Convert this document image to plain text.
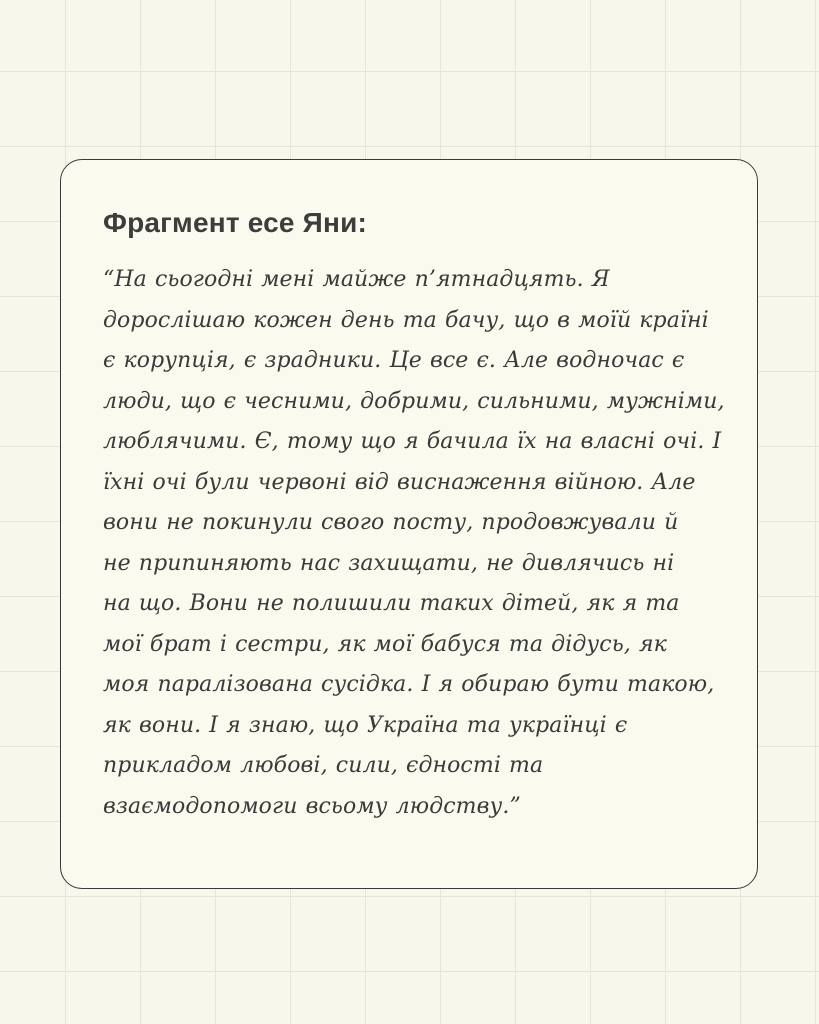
Фрагмент есе Яни:

“На сьогодні мені майже п’ятнадцять. Я
дорослішаю кожен день та бачу, що в моїй країні
є корупція, є зрадники. Це все є. Але водночас є
люди, що є чесними, добрими, сильними, мужніми,
люблячими. Є, тому що я бачила їх на власні очі. І
їхні очі були червоні від виснаження війною. Але
вони не покинули свого посту, продовжували й
не припиняють нас захищати, не дивлячись ні
на що. Вони не полишили таких дітей, як я та
мої брат і сестри, як мої бабуся та дідусь, як
моя паралізована сусідка. І я обираю бути такою,
як вони. І я знаю, що Україна та українці є
прикладом любові, сили, єдності та
взаємодопомоги всьому людству.”
